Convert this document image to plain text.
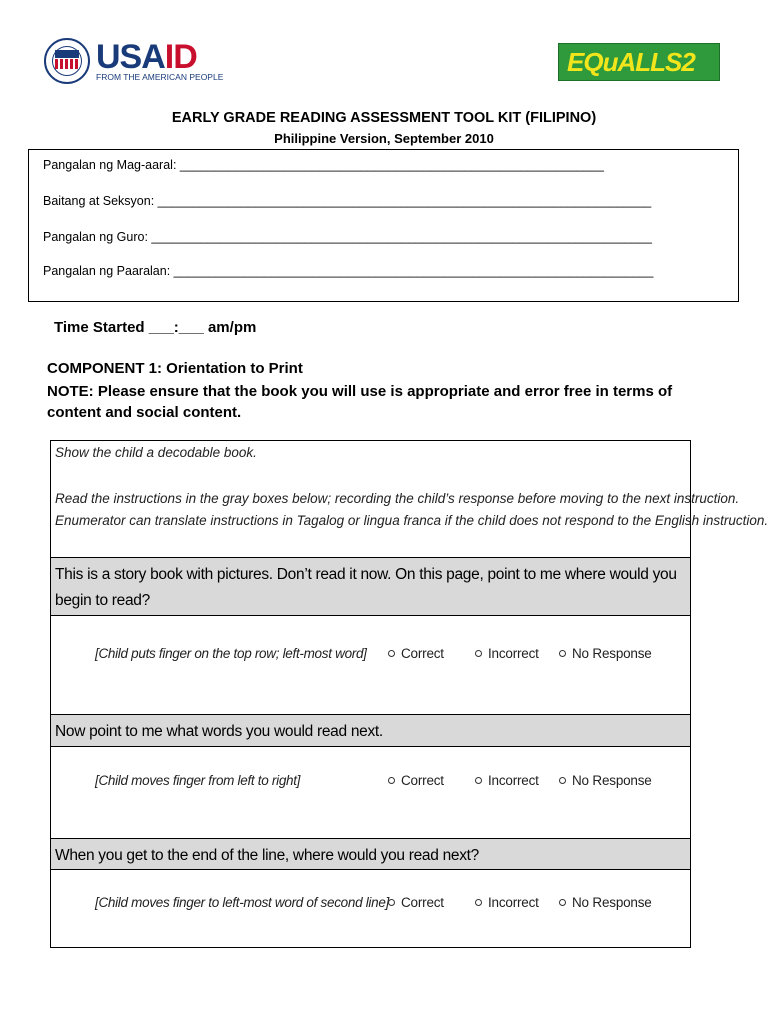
USAID
FROM THE AMERICAN PEOPLE	EQuALLS2
EARLY GRADE READING ASSESSMENT TOOL KIT (FILIPINO)
Philippine Version, September 2010
Pangalan ng Mag-aaral: _____________________________________________________________
Baitang at Seksyon: _______________________________________________________________________
Pangalan ng Guro: ________________________________________________________________________
Pangalan ng Paaralan: _____________________________________________________________________
Time Started ___:___ am/pm
COMPONENT 1: Orientation to Print
NOTE: Please ensure that the book you will use is appropriate and error free in terms of content and social content.
Show the child a decodable book.
Read the instructions in the gray boxes below; recording the child’s response before moving to the next instruction.
Enumerator can translate instructions in Tagalog or lingua franca if the child does not respond to the English instruction.
This is a story book with pictures. Don’t read it now. On this page, point to me where would you begin to read?
[Child puts finger on the top row; left-most word]	Correct	Incorrect	No Response
Now point to me what words you would read next.
[Child moves finger from left to right]	Correct	Incorrect	No Response
When you get to the end of the line, where would you read next?
[Child moves finger to left-most word of second line] Correct	Incorrect	No Response
